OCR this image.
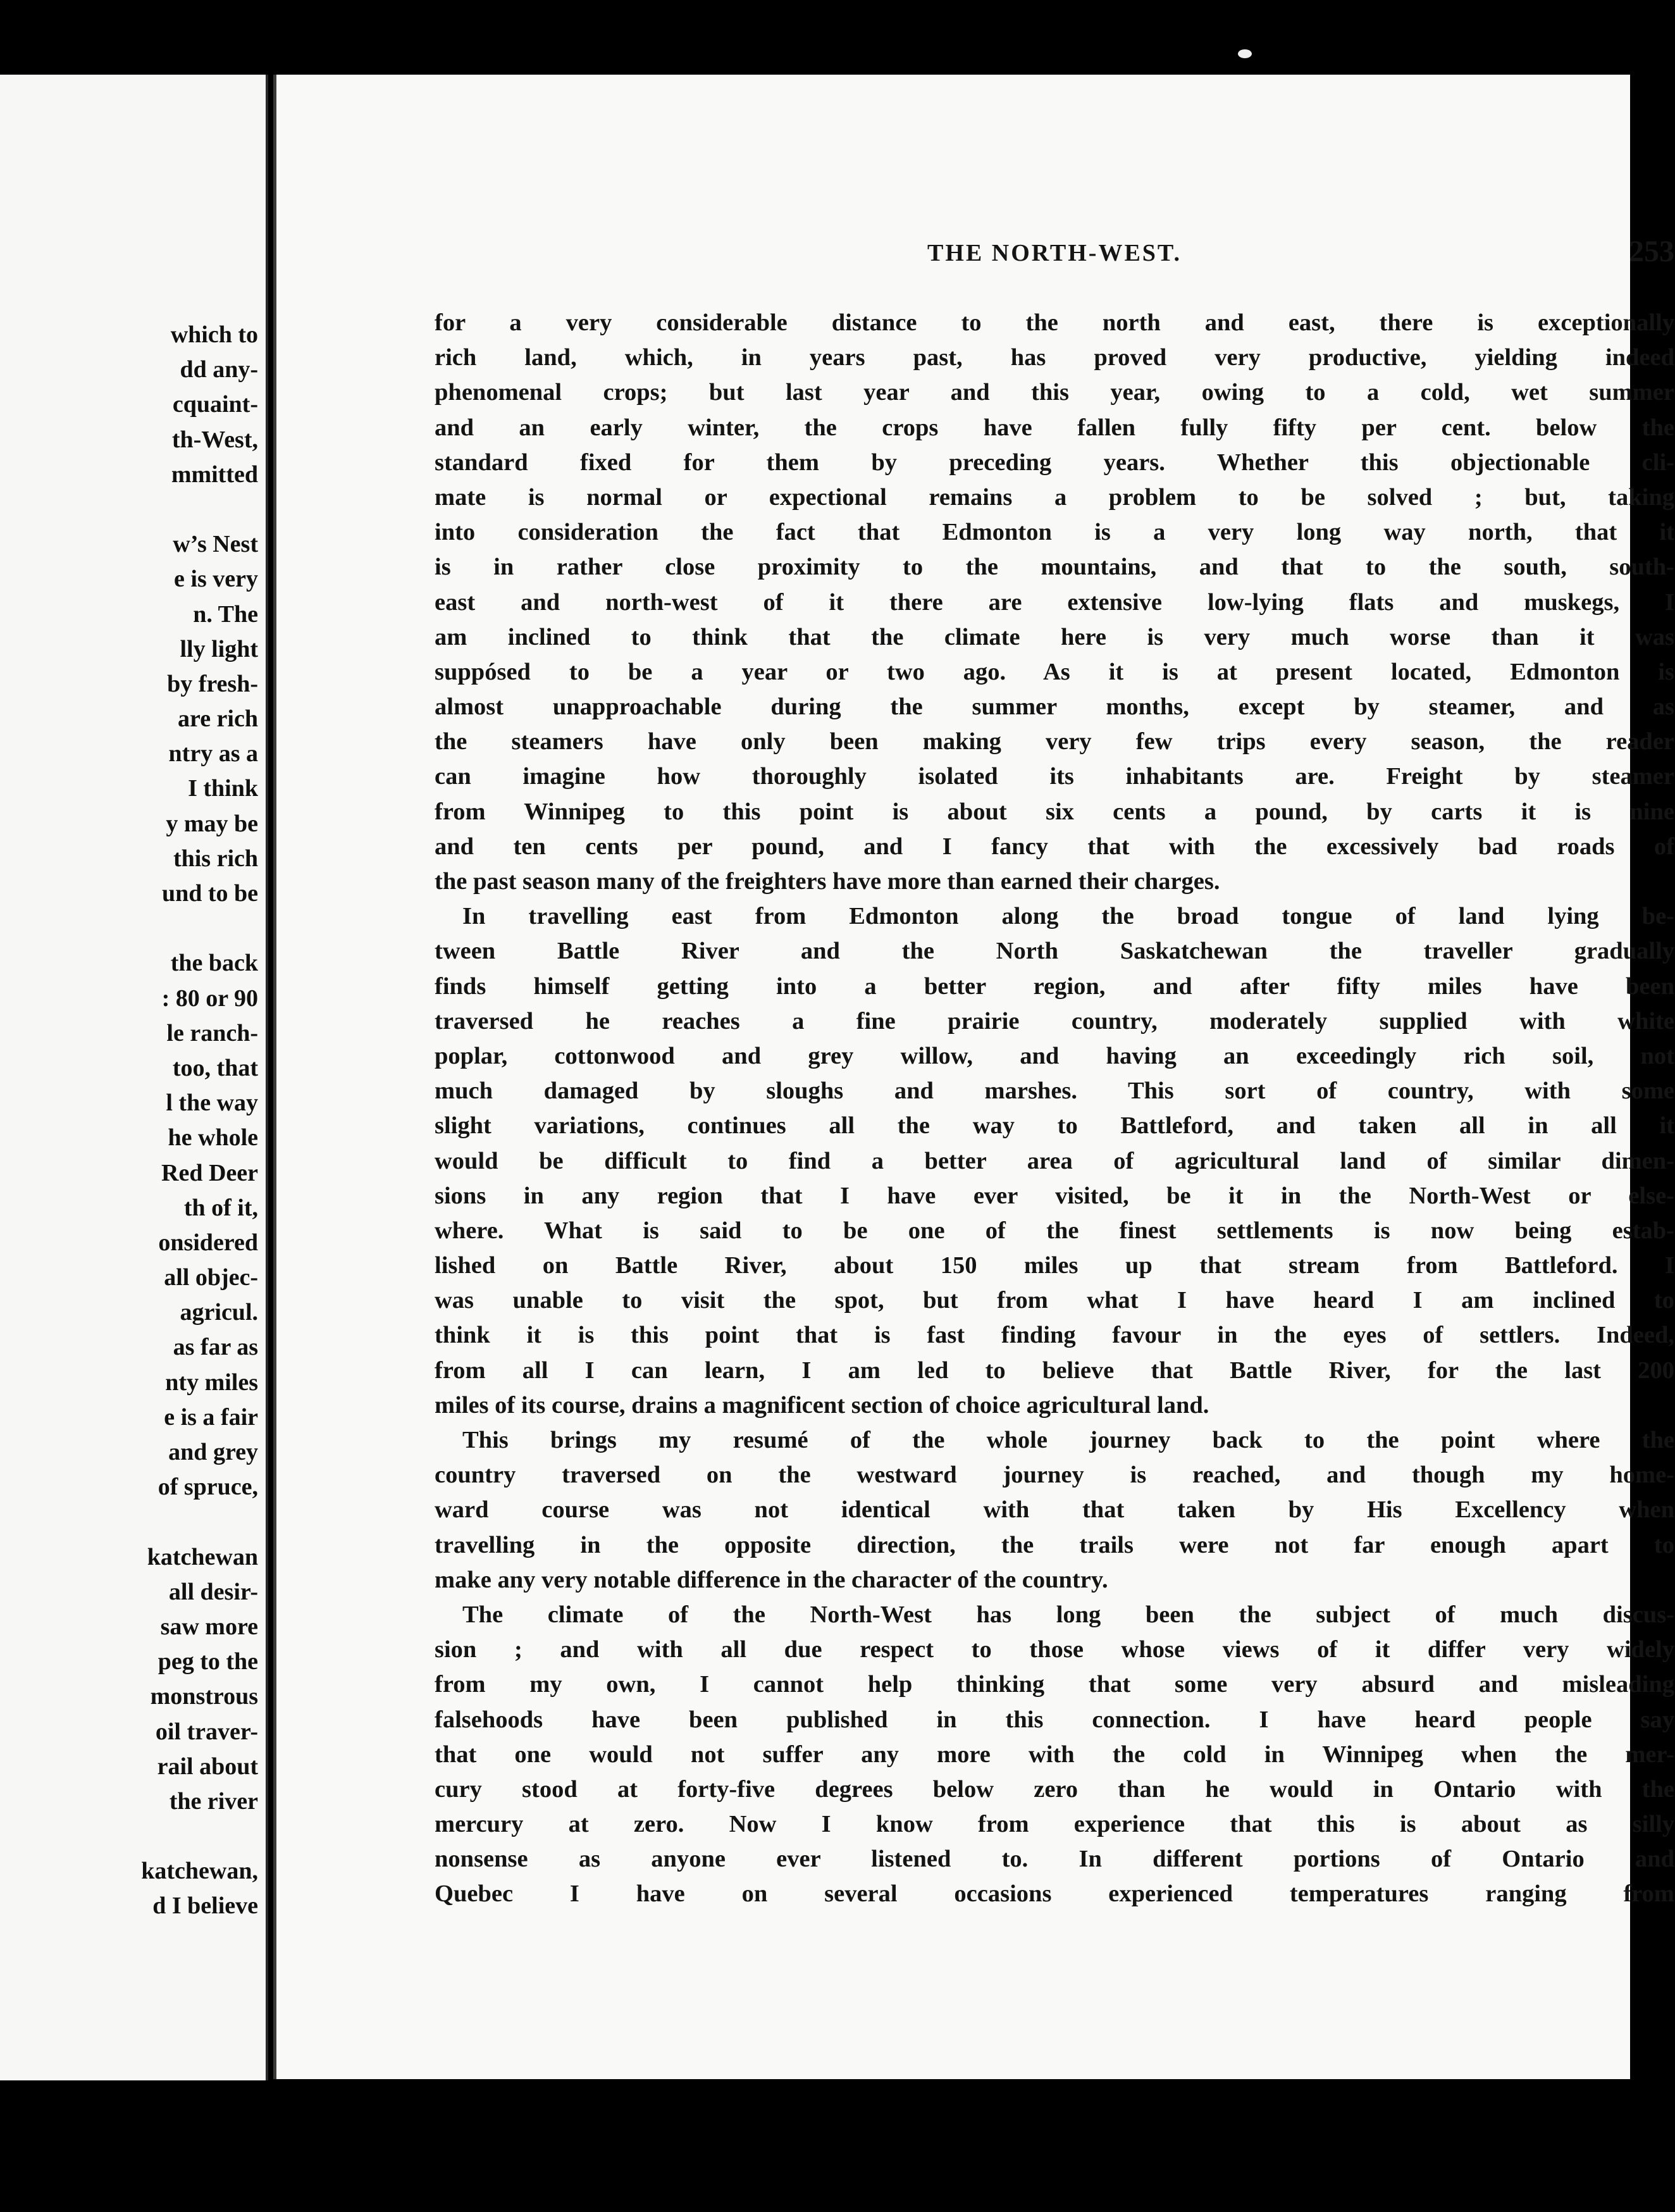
which to
dd any-
cquaint-
th-West,
mmitted
w’s Nest
e is very
n. The
lly light
by fresh-
are rich
ntry as a
I think
y may be
this rich
und to be
the back
: 80 or 90
le ranch-
too, that
l the way
he whole
Red Deer
th of it,
onsidered
all objec-
agricul.
as far as
nty miles
e is a fair
and grey
of spruce,
katchewan
all desir-
saw more
peg to the
monstrous
oil traver-
rail about
the river
katchewan,
d I believe
THE NORTH-WEST.	253
for a very considerable distance to the north and east, there is exceptionally
rich land, which, in years past, has proved very productive, yielding indeed
phenomenal crops; but last year and this year, owing to a cold, wet summer
and an early winter, the crops have fallen fully fifty per cent. below the
standard fixed for them by preceding years. Whether this objectionable cli-
mate is normal or expectional remains a problem to be solved ; but, taking
into consideration the fact that Edmonton is a very long way north, that it
is in rather close proximity to the mountains, and that to the south, south-
east and north-west of it there are extensive low-lying flats and muskegs, I
am inclined to think that the climate here is very much worse than it was
suppósed to be a year or two ago. As it is at present located, Edmonton is
almost unapproachable during the summer months, except by steamer, and as
the steamers have only been making very few trips every season, the reader
can imagine how thoroughly isolated its inhabitants are. Freight by steamer
from Winnipeg to this point is about six cents a pound, by carts it is nine
and ten cents per pound, and I fancy that with the excessively bad roads of
the past season many of the freighters have more than earned their charges.
In travelling east from Edmonton along the broad tongue of land lying be-
tween Battle River and the North Saskatchewan the traveller gradually
finds himself getting into a better region, and after fifty miles have been
traversed he reaches a fine prairie country, moderately supplied with white
poplar, cottonwood and grey willow, and having an exceedingly rich soil, not
much damaged by sloughs and marshes. This sort of country, with some
slight variations, continues all the way to Battleford, and taken all in all it
would be difficult to find a better area of agricultural land of similar dimen-
sions in any region that I have ever visited, be it in the North-West or else-
where. What is said to be one of the finest settlements is now being estab-
lished on Battle River, about 150 miles up that stream from Battleford. I
was unable to visit the spot, but from what I have heard I am inclined to
think it is this point that is fast finding favour in the eyes of settlers. Indeed,
from all I can learn, I am led to believe that Battle River, for the last 200
miles of its course, drains a magnificent section of choice agricultural land.
This brings my resumé of the whole journey back to the point where the
country traversed on the westward journey is reached, and though my home-
ward course was not identical with that taken by His Excellency when
travelling in the opposite direction, the trails were not far enough apart to
make any very notable difference in the character of the country.
The climate of the North-West has long been the subject of much discus-
sion ; and with all due respect to those whose views of it differ very widely
from my own, I cannot help thinking that some very absurd and misleading
falsehoods have been published in this connection. I have heard people say
that one would not suffer any more with the cold in Winnipeg when the mer-
cury stood at forty-five degrees below zero than he would in Ontario with the
mercury at zero. Now I know from experience that this is about as silly
nonsense as anyone ever listened to. In different portions of Ontario and
Quebec I have on several occasions experienced temperatures ranging from
